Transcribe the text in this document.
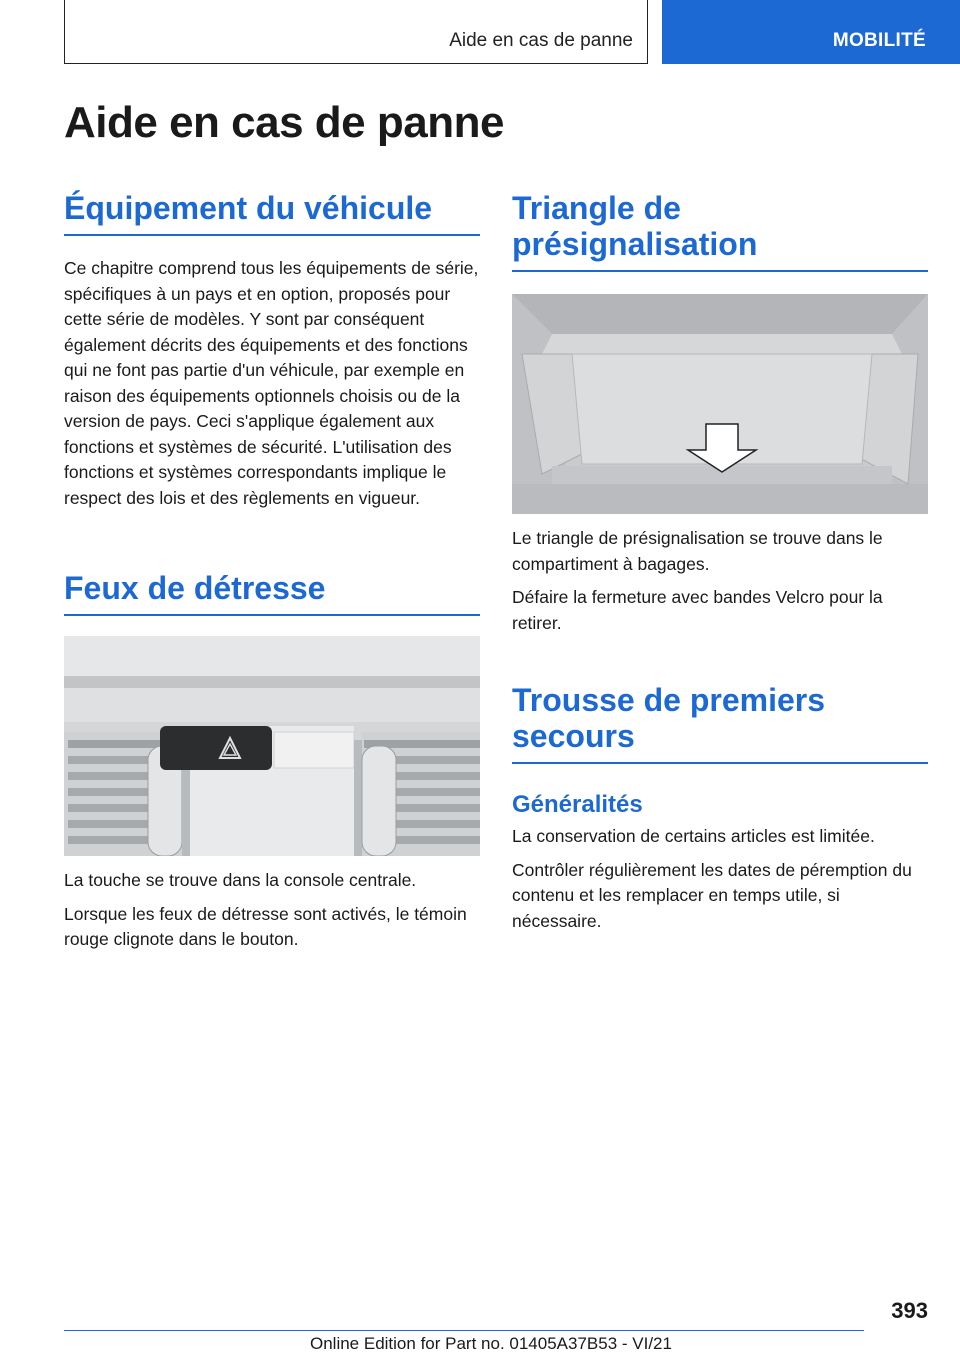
Aide en cas de panne	MOBILITÉ
Aide en cas de panne
Équipement du véhicule

Ce chapitre comprend tous les équipements de série, spécifiques à un pays et en option, proposés pour cette série de modèles. Y sont par conséquent également décrits des équipements et des fonctions qui ne font pas partie d'un véhicule, par exemple en raison des équipements optionnels choisis ou de la version de pays. Ceci s'applique également aux fonctions et systèmes de sécurité. L'utilisation des fonctions et systèmes correspondants implique le respect des lois et des règlements en vigueur.

Feux de détresse

La touche se trouve dans la console centrale.

Lorsque les feux de détresse sont activés, le témoin rouge clignote dans le bouton.

Triangle de présignalisation

Le triangle de présignalisation se trouve dans le compartiment à bagages.

Défaire la fermeture avec bandes Velcro pour la retirer.

Trousse de premiers secours
Généralités

La conservation de certains articles est limitée.

Contrôler régulièrement les dates de péremption du contenu et les remplacer en temps utile, si nécessaire.

393
Online Edition for Part no. 01405A37B53 - VI/21
